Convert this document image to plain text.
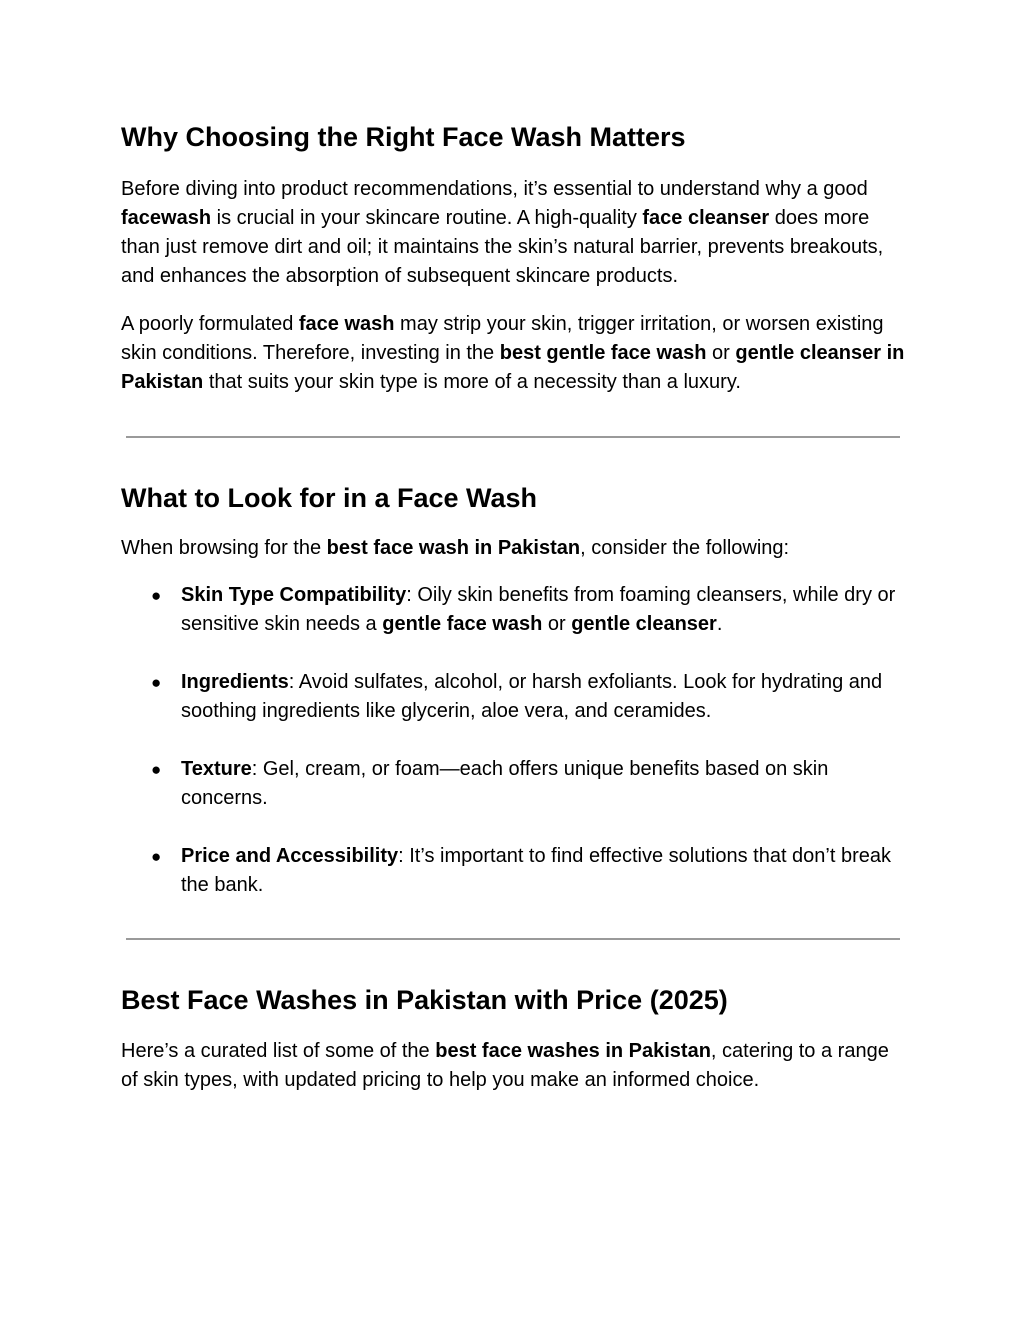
Why Choosing the Right Face Wash Matters

Before diving into product recommendations, it’s essential to understand why a good facewash is crucial in your skincare routine. A high-quality face cleanser does more than just remove dirt and oil; it maintains the skin’s natural barrier, prevents breakouts, and enhances the absorption of subsequent skincare products.

A poorly formulated face wash may strip your skin, trigger irritation, or worsen existing skin conditions. Therefore, investing in the best gentle face wash or gentle cleanser in Pakistan that suits your skin type is more of a necessity than a luxury.

What to Look for in a Face Wash

When browsing for the best face wash in Pakistan, consider the following:

● Skin Type Compatibility: Oily skin benefits from foaming cleansers, while dry or sensitive skin needs a gentle face wash or gentle cleanser.
● Ingredients: Avoid sulfates, alcohol, or harsh exfoliants. Look for hydrating and soothing ingredients like glycerin, aloe vera, and ceramides.
● Texture: Gel, cream, or foam—each offers unique benefits based on skin concerns.
● Price and Accessibility: It’s important to find effective solutions that don’t break the bank.
Best Face Washes in Pakistan with Price (2025)

Here’s a curated list of some of the best face washes in Pakistan, catering to a range of skin types, with updated pricing to help you make an informed choice.
